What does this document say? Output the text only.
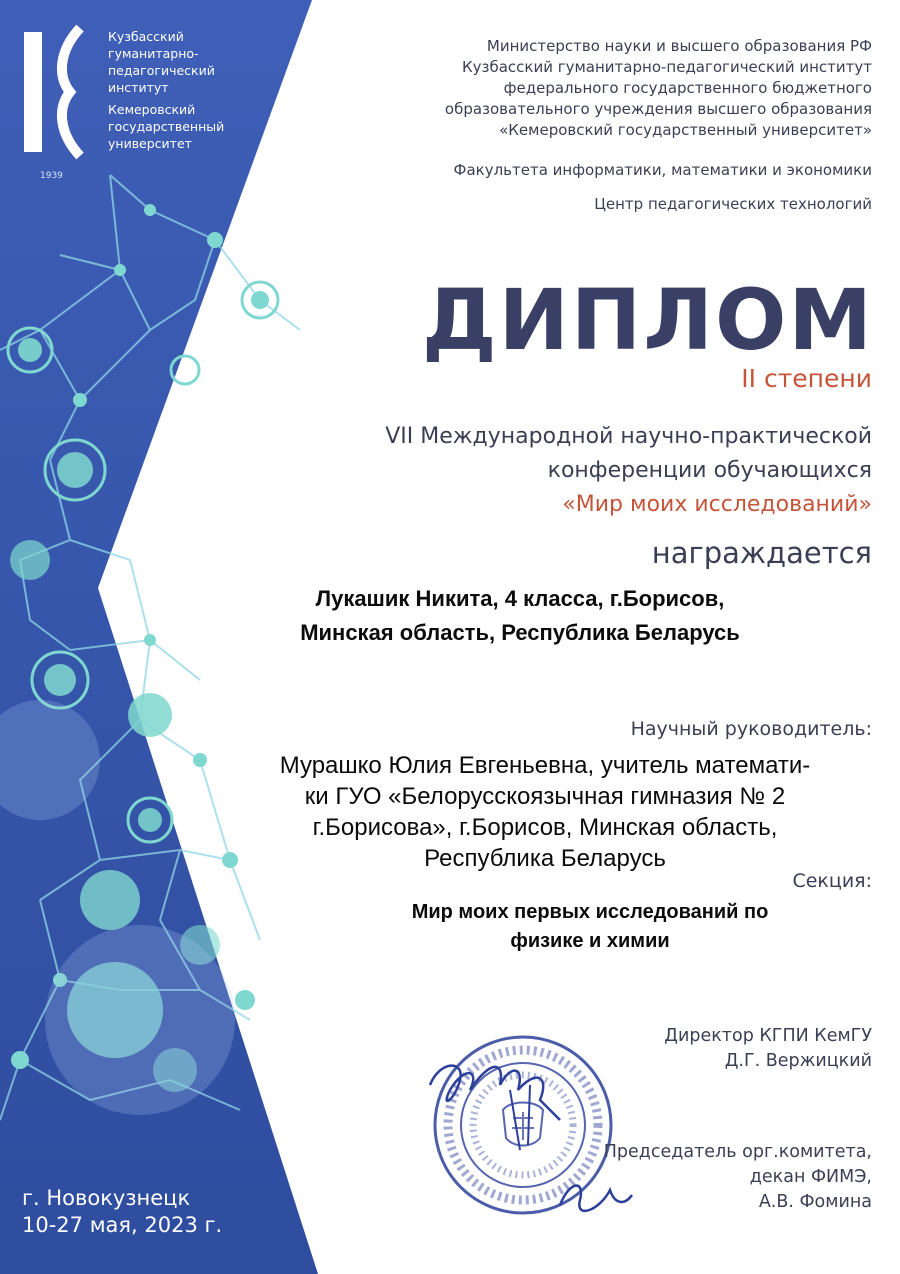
1939
Кузбасский
гуманитарно-
педагогический
институт
Кемеровский
государственный
университет
Министерство науки и высшего образования РФ
Кузбасский гуманитарно-педагогический институт
федерального государственного бюджетного
образовательного учреждения высшего образования
«Кемеровский государственный университет»
Факультета информатики, математики и экономики
Центр педагогических технологий
ДИПЛОМ
II степени
VII Международной научно-практической
конференции обучающихся
«Мир моих исследований»
награждается
Лукашик Никита, 4 класса, г.Борисов,
Минская область, Республика Беларусь
Научный руководитель:
Мурашко Юлия Евгеньевна, учитель математи-
ки ГУО «Белорусскоязычная гимназия № 2
г.Борисова», г.Борисов, Минская область,
Республика Беларусь
Секция:
Мир моих первых исследований по
физике и химии
Директор КГПИ КемГУ
Д.Г. Вержицкий
Председатель орг.комитета,
декан ФИМЭ,
А.В. Фомина
г. Новокузнецк
10-27 мая, 2023 г.
